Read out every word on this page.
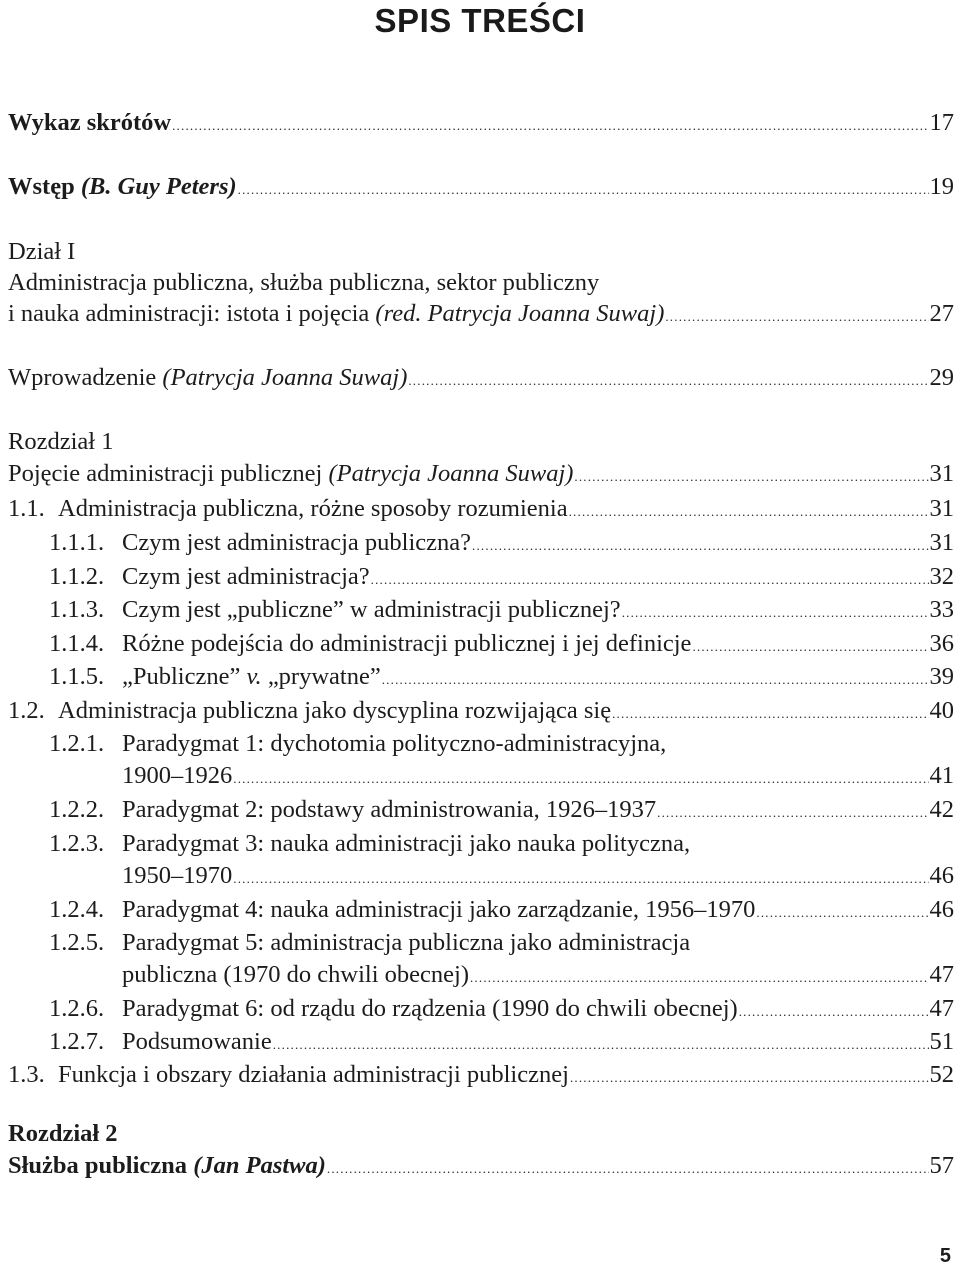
SPIS TREŚCI
Wykaz skrótów .....	17
Wstęp (B. Guy Peters) .....	19
Dział I
Administracja publiczna, służba publiczna, sektor publiczny
i nauka administracji: istota i pojęcia (red. Patrycja Joanna Suwaj) .....	27
Wprowadzenie (Patrycja Joanna Suwaj) .....	29
Rozdział 1
Pojęcie administracji publicznej (Patrycja Joanna Suwaj) .....	31
1.1. Administracja publiczna, różne sposoby rozumienia .....	31
1.1.1. Czym jest administracja publiczna? .....	31
1.1.2. Czym jest administracja? .....	32
1.1.3. Czym jest „publiczne” w administracji publicznej? .....	33
1.1.4. Różne podejścia do administracji publicznej i jej definicje .....	36
1.1.5. „Publiczne” v. „prywatne” .....	39
1.2. Administracja publiczna jako dyscyplina rozwijająca się .....	40
1.2.1. Paradygmat 1: dychotomia polityczno-administracyjna,
1900–1926 .....	41
1.2.2. Paradygmat 2: podstawy administrowania, 1926–1937 .....	42
1.2.3. Paradygmat 3: nauka administracji jako nauka polityczna,
1950–1970 .....	46
1.2.4. Paradygmat 4: nauka administracji jako zarządzanie, 1956–1970 .....	46
1.2.5. Paradygmat 5: administracja publiczna jako administracja
publiczna (1970 do chwili obecnej) .....	47
1.2.6. Paradygmat 6: od rządu do rządzenia (1990 do chwili obecnej) .....	47
1.2.7. Podsumowanie .....	51
1.3. Funkcja i obszary działania administracji publicznej .....	52
Rozdział 2
Służba publiczna (Jan Pastwa) .....	57
5
